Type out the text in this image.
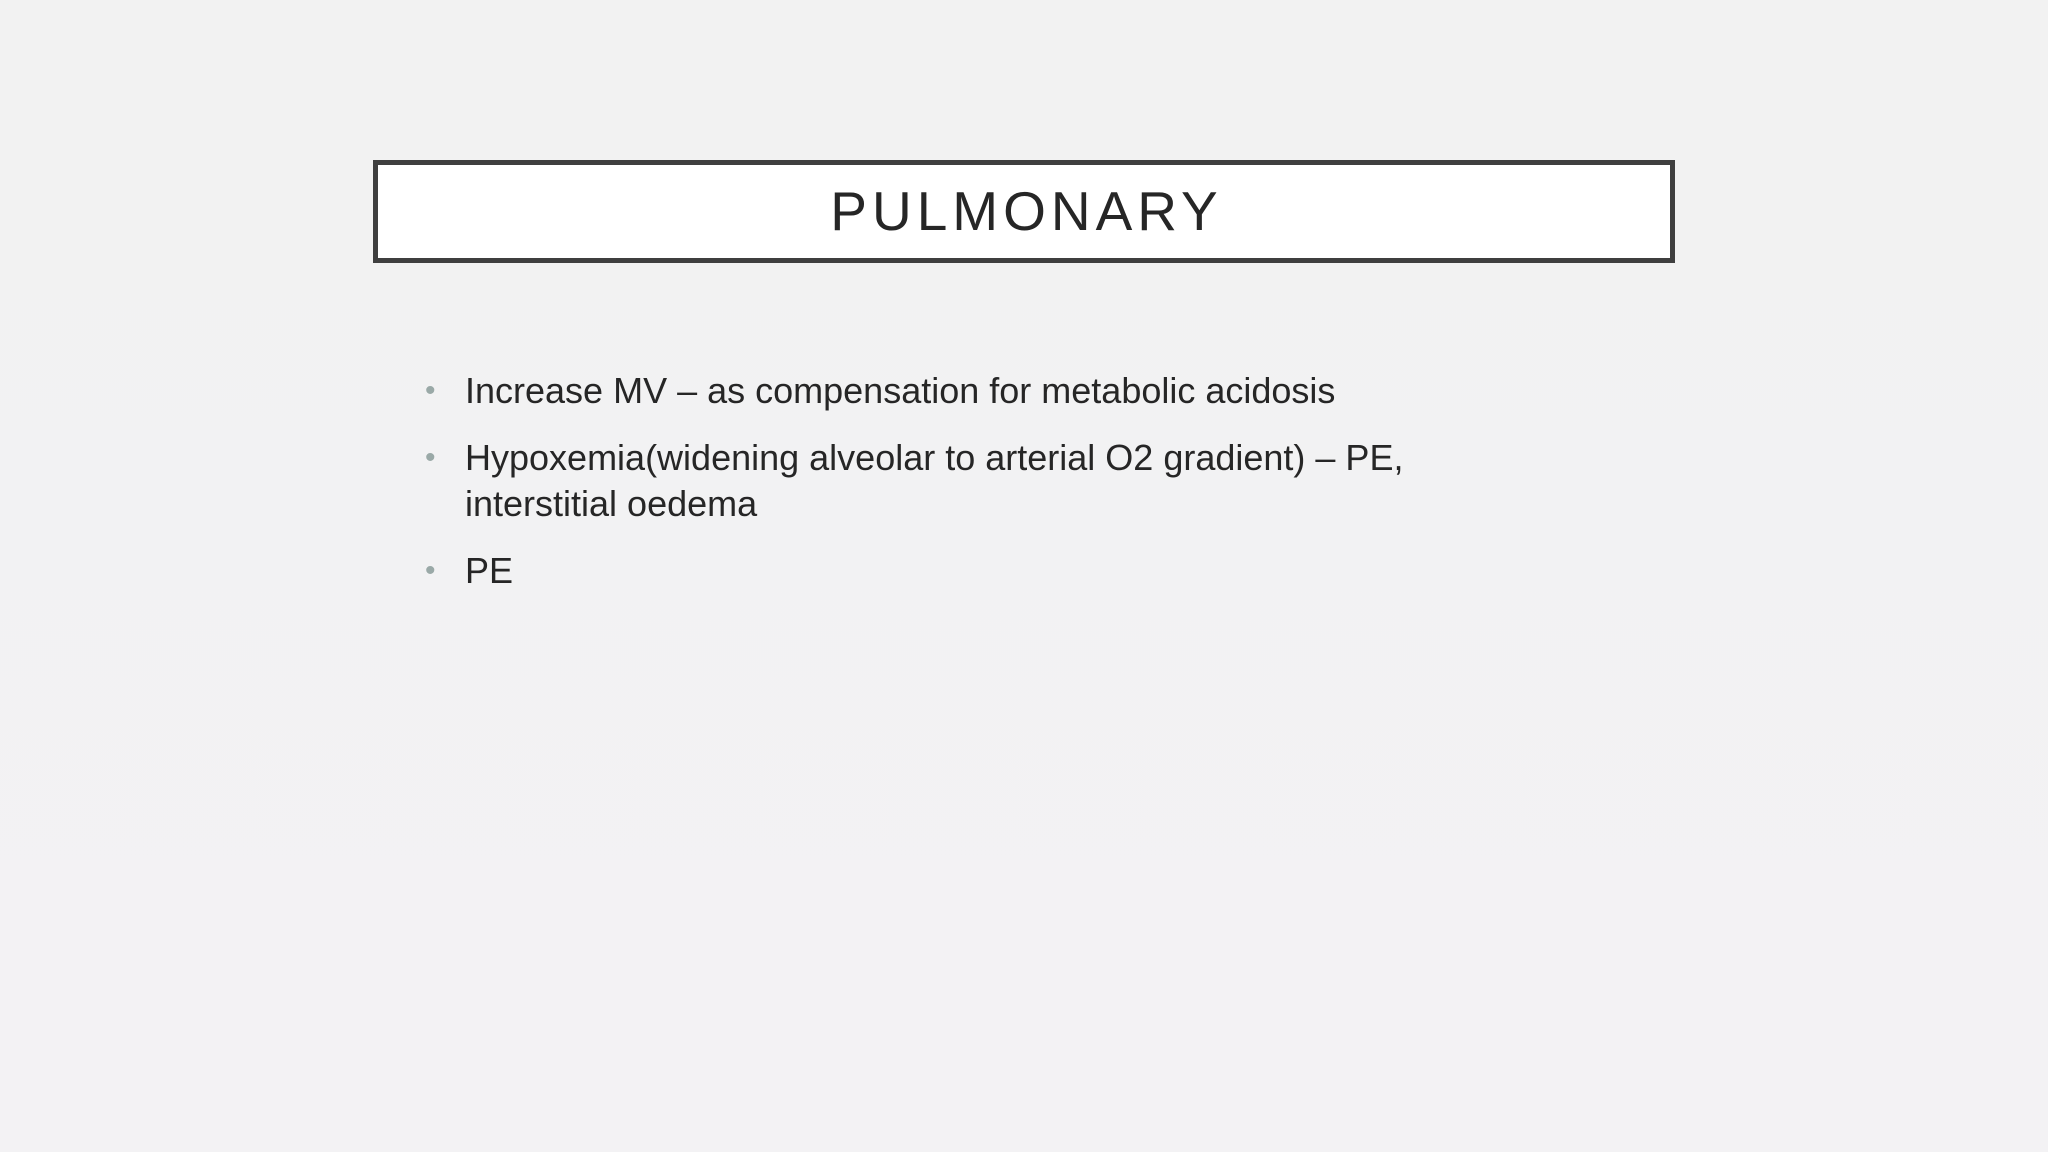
PULMONARY
• Increase MV – as compensation for metabolic acidosis
• Hypoxemia(widening alveolar to arterial O2 gradient) – PE, interstitial oedema
• PE
